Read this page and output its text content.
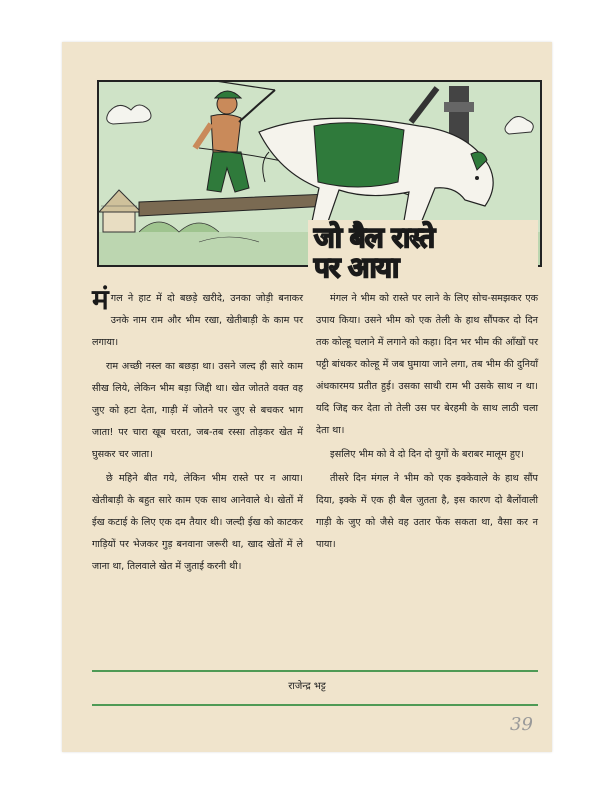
जो बैल रास्ते
पर आया

मंगल ने हाट में दो बछड़े खरीदे, उनका जोड़ी बनाकर उनके नाम राम और भीम रखा, खेतीबाड़ी के काम पर लगाया।

राम अच्छी नस्ल का बछड़ा था। उसने जल्द ही सारे काम सीख लिये, लेकिन भीम बड़ा जिद्दी था। खेत जोतते वक्त वह जुए को हटा देता, गाड़ी में जोतने पर जुए से बचकर भाग जाता! पर चारा खूब चरता, जब-तब रस्सा तोड़कर खेत में घुसकर चर जाता।

छे महिने बीत गये, लेकिन भीम रास्ते पर न आया। खेतीबाड़ी के बहुत सारे काम एक साथ आनेवाले थे। खेतों में ईख कटाई के लिए एक दम तैयार थी। जल्दी ईख को काटकर गाड़ियों पर भेजकर गुड़ बनवाना जरूरी था, खाद खेतों में ले जाना था, तिलवाले खेत में जुताई करनी थी।

मंगल ने भीम को रास्ते पर लाने के लिए सोच-समझकर एक उपाय किया। उसने भीम को एक तेली के हाथ सौंपकर दो दिन तक कोल्हू चलाने में लगाने को कहा। दिन भर भीम की आँखों पर पट्टी बांधकर कोल्हू में जब घुमाया जाने लगा, तब भीम की दुनियाँ अंधकारमय प्रतीत हुई। उसका साथी राम भी उसके साथ न था। यदि जिद्द कर देता तो तेली उस पर बेरहमी के साथ लाठी चला देता था।

इसलिए भीम को वे दो दिन दो युगों के बराबर मालूम हुए।

तीसरे दिन मंगल ने भीम को एक इक्केवाले के हाथ सौंप दिया, इक्के में एक ही बैल जुतता है, इस कारण दो बैलोंवाली गाड़ी के जुए को जैसे वह उतार फेंक सकता था, वैसा कर न पाया।

राजेन्द्र भट्ट
39
